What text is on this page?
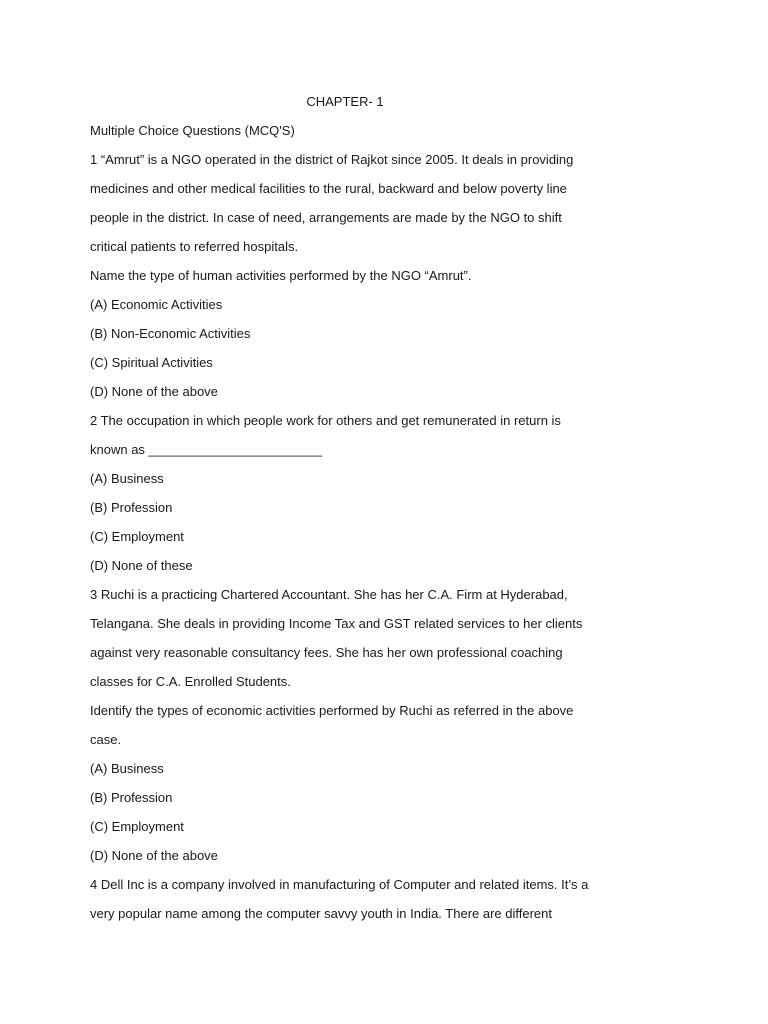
CHAPTER- 1
Multiple Choice Questions (MCQ'S)
1 “Amrut” is a NGO operated in the district of Rajkot since 2005. It deals in providing
medicines and other medical facilities to the rural, backward and below poverty line
people in the district. In case of need, arrangements are made by the NGO to shift
critical patients to referred hospitals.
Name the type of human activities performed by the NGO “Amrut”.
(A) Economic Activities
(B) Non-Economic Activities
(C) Spiritual Activities
(D) None of the above
2 The occupation in which people work for others and get remunerated in return is
known as ________________________
(A) Business
(B) Profession
(C) Employment
(D) None of these
3 Ruchi is a practicing Chartered Accountant. She has her C.A. Firm at Hyderabad,
Telangana. She deals in providing Income Tax and GST related services to her clients
against very reasonable consultancy fees. She has her own professional coaching
classes for C.A. Enrolled Students.
Identify the types of economic activities performed by Ruchi as referred in the above
case.
(A) Business
(B) Profession
(C) Employment
(D) None of the above
4 Dell Inc is a company involved in manufacturing of Computer and related items. It’s a
very popular name among the computer savvy youth in India. There are different
